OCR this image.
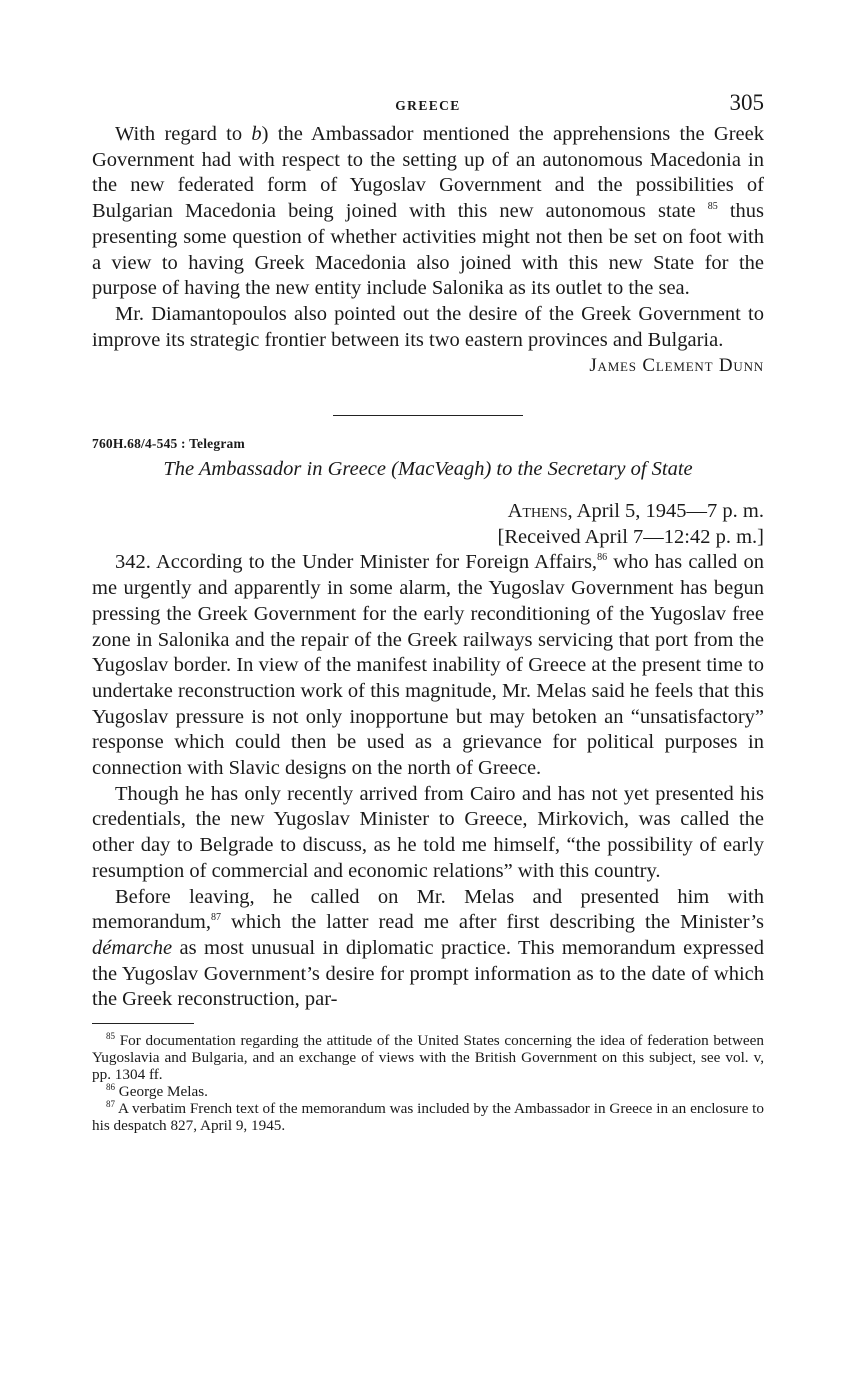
GREECE	305

With regard to b) the Ambassador mentioned the apprehensions the Greek Government had with respect to the setting up of an autonomous Macedonia in the new federated form of Yugoslav Government and the possibilities of Bulgarian Macedonia being joined with this new autonomous state $^{85}$ thus presenting some question of whether activities might not then be set on foot with a view to having Greek Macedonia also joined with this new State for the purpose of having the new entity include Salonika as its outlet to the sea.

Mr. Diamantopoulos also pointed out the desire of the Greek Government to improve its strategic frontier between its two eastern provinces and Bulgaria.

James Clement Dunn

760H.68/4-545 : Telegram

The Ambassador in Greece (MacVeagh) to the Secretary of State

Athens, April 5, 1945—7 p. m.

[Received April 7—12:42 p. m.]

342. According to the Under Minister for Foreign Affairs,$^{86}$ who has called on me urgently and apparently in some alarm, the Yugoslav Government has begun pressing the Greek Government for the early reconditioning of the Yugoslav free zone in Salonika and the repair of the Greek railways servicing that port from the Yugoslav border. In view of the manifest inability of Greece at the present time to undertake reconstruction work of this magnitude, Mr. Melas said he feels that this Yugoslav pressure is not only inopportune but may betoken an “unsatisfactory” response which could then be used as a grievance for political purposes in connection with Slavic designs on the north of Greece.

Though he has only recently arrived from Cairo and has not yet presented his credentials, the new Yugoslav Minister to Greece, Mirkovich, was called the other day to Belgrade to discuss, as he told me himself, “the possibility of early resumption of commercial and economic relations” with this country.

Before leaving, he called on Mr. Melas and presented him with memorandum,$^{87}$ which the latter read me after first describing the Minister’s démarche as most unusual in diplomatic practice. This memorandum expressed the Yugoslav Government’s desire for prompt information as to the date of which the Greek reconstruction, par-

$^{85}$ For documentation regarding the attitude of the United States concerning the idea of federation between Yugoslavia and Bulgaria, and an exchange of views with the British Government on this subject, see vol. v, pp. 1304 ff.

$^{86}$ George Melas.

$^{87}$ A verbatim French text of the memorandum was included by the Ambassador in Greece in an enclosure to his despatch 827, April 9, 1945.
